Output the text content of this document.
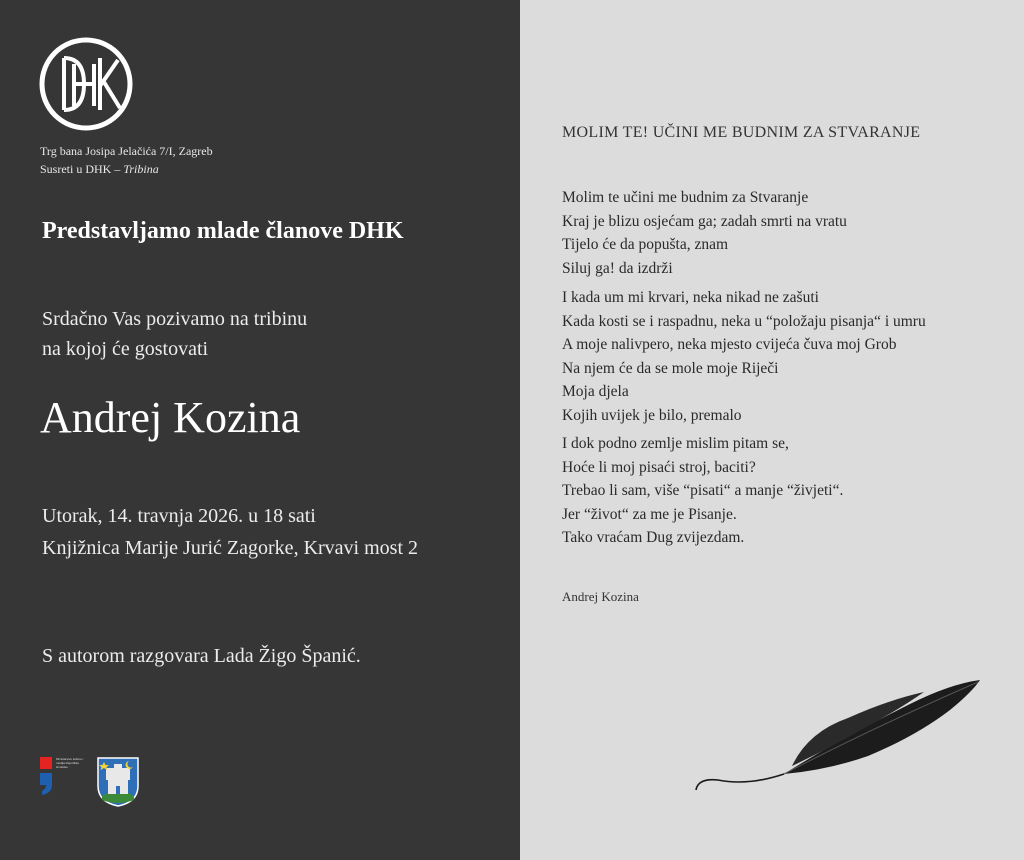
Trg bana Josipa Jelačića 7/I, Zagreb
Susreti u DHK – Tribina
Predstavljamo mlade članove DHK
Srdačno Vas pozivamo na tribinu
na kojoj će gostovati
Andrej Kozina
Utorak, 14. travnja 2026. u 18 sati
Knjižnica Marije Jurić Zagorke, Krvavi most 2
S autorom razgovara Lada Žigo Španić.
Ministarstvo kulture i medija Republike Hrvatske
MOLIM TE! UČINI ME BUDNIM ZA STVARANJE
Molim te učini me budnim za Stvaranje
Kraj je blizu osjećam ga; zadah smrti na vratu
Tijelo će da popušta, znam
Siluj ga! da izdrži
I kada um mi krvari, neka nikad ne zašuti
Kada kosti se i raspadnu, neka u “položaju pisanja“ i umru
A moje nalivpero, neka mjesto cvijeća čuva moj Grob
Na njem će da se mole moje Riječi
Moja djela
Kojih uvijek je bilo, premalo
I dok podno zemlje mislim pitam se,
Hoće li moj pisaći stroj, baciti?
Trebao li sam, više “pisati“ a manje “živjeti“.
Jer “život“ za me je Pisanje.
Tako vraćam Dug zvijezdam.
Andrej Kozina
